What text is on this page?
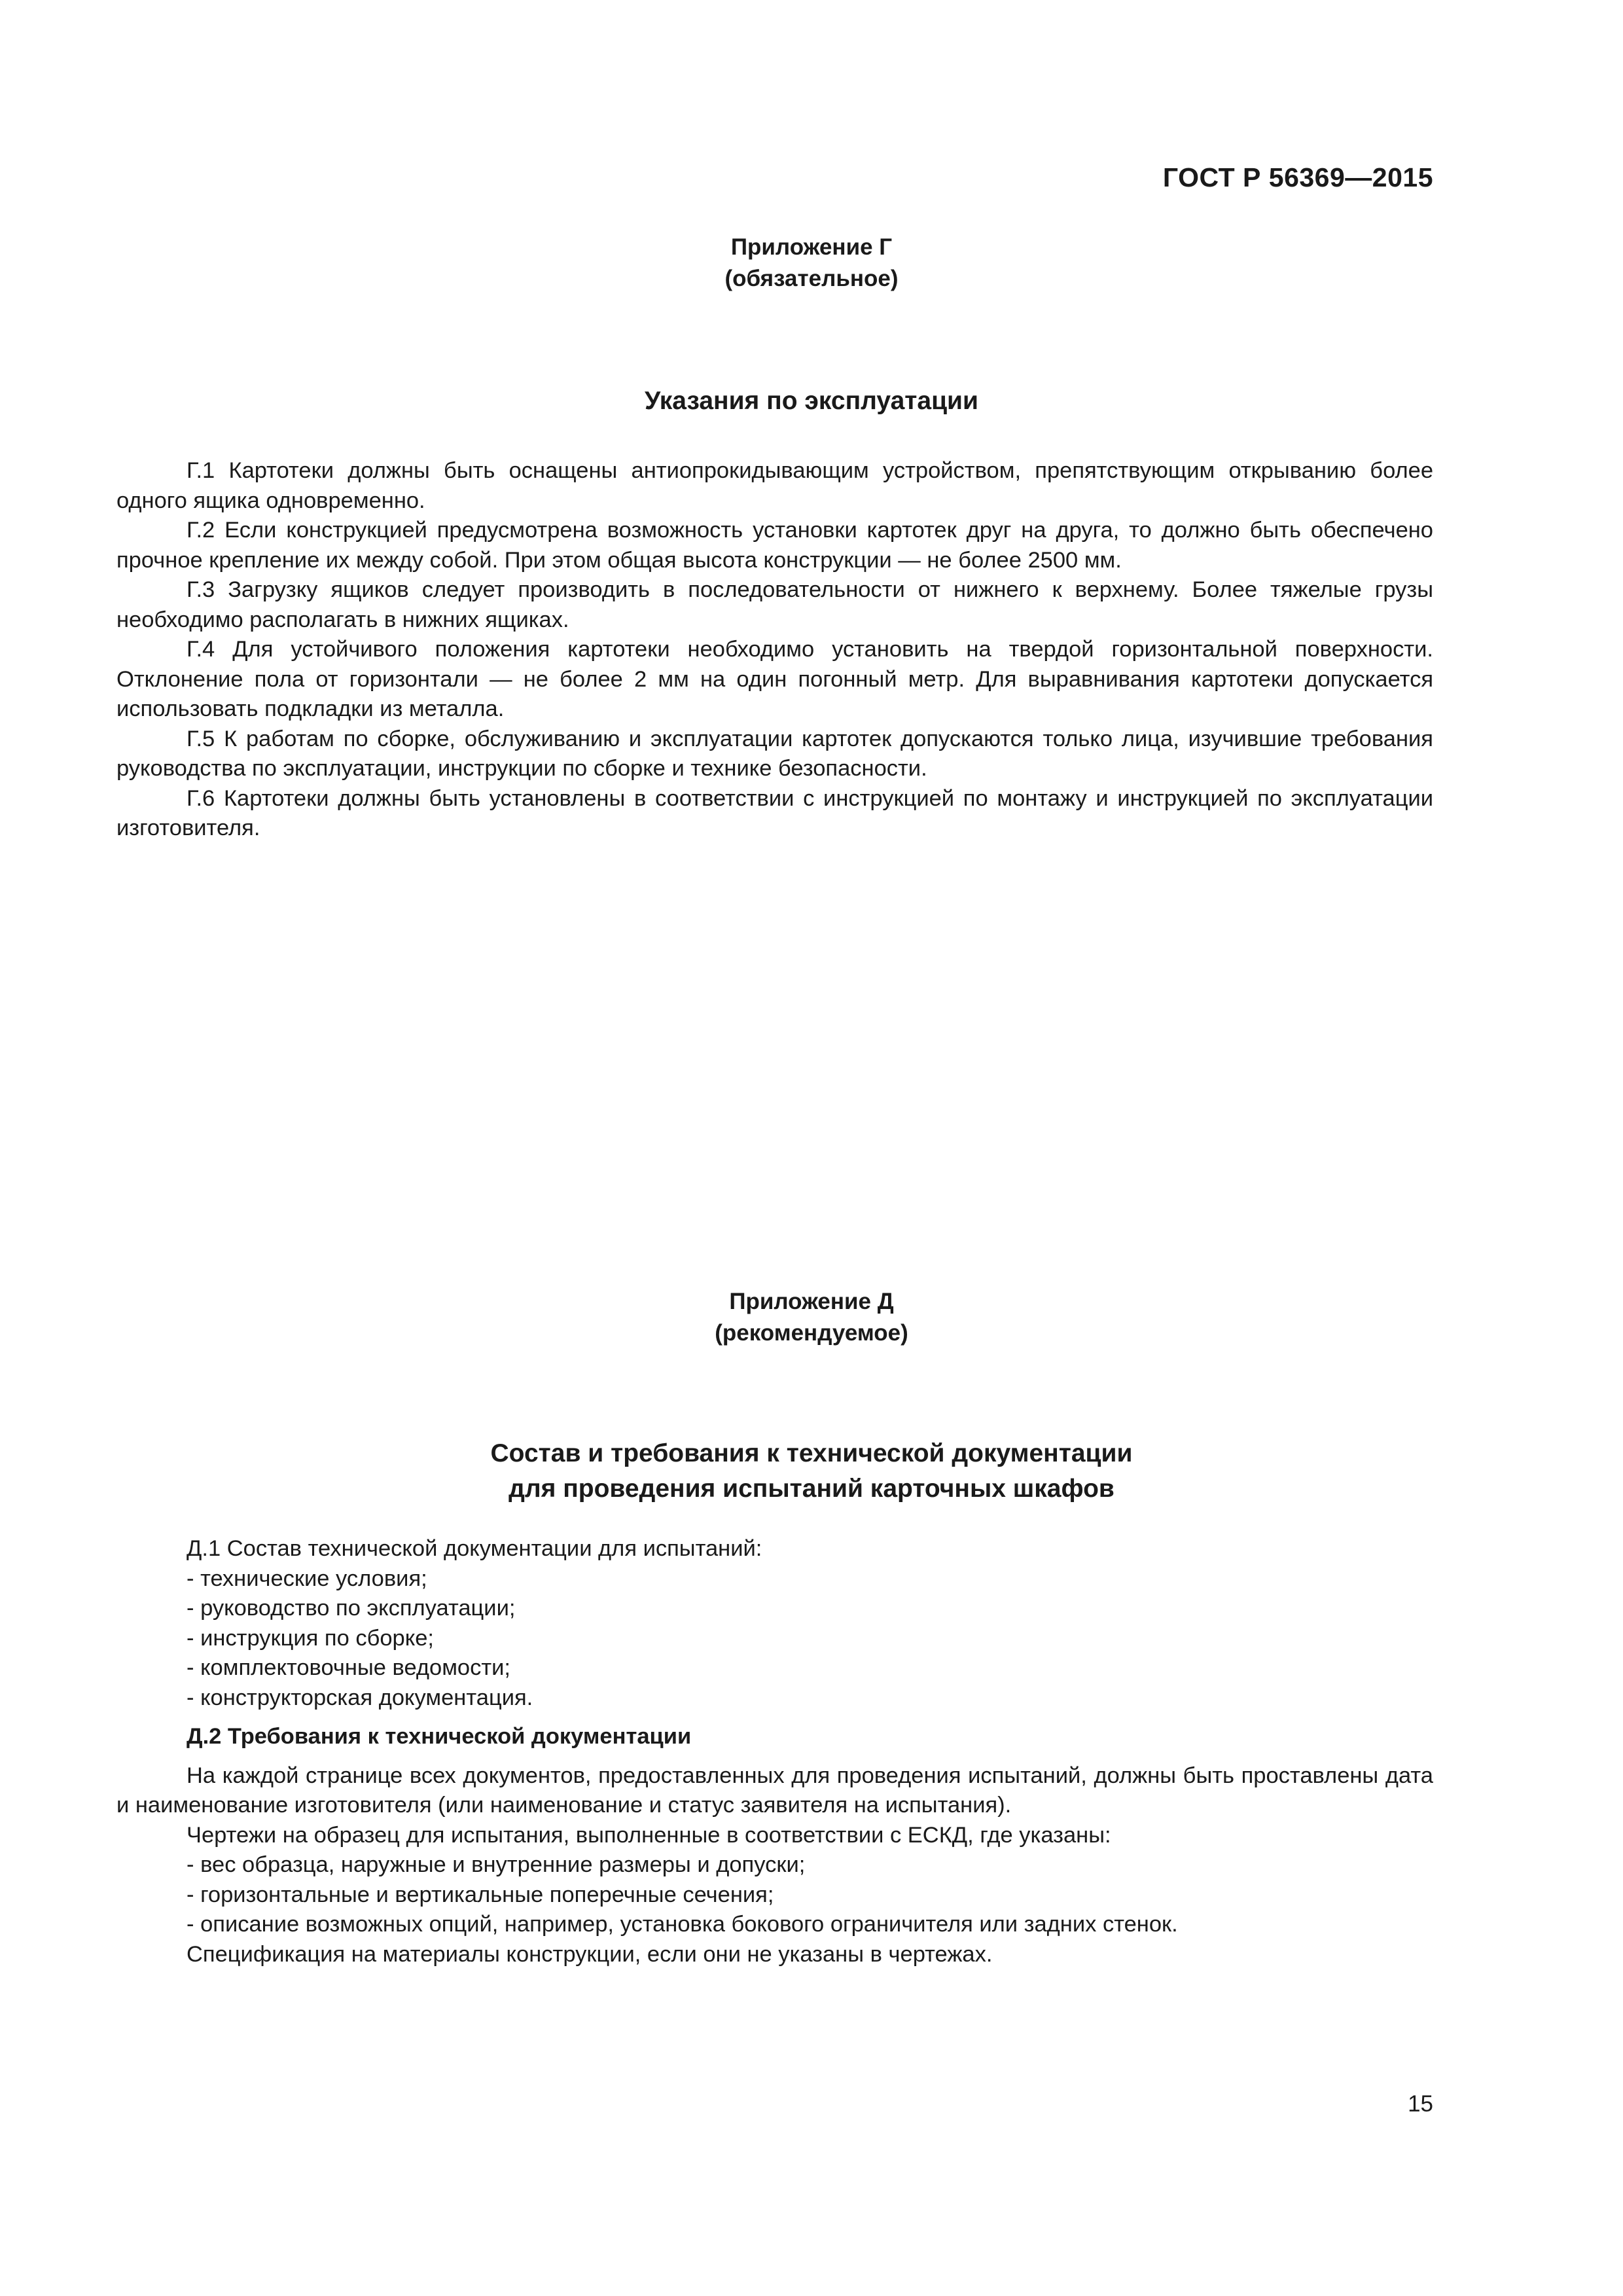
ГОСТ Р 56369—2015
Приложение Г
(обязательное)
Указания по эксплуатации

Г.1 Картотеки должны быть оснащены антиопрокидывающим устройством, препятствующим открыванию более одного ящика одновременно.

Г.2 Если конструкцией предусмотрена возможность установки картотек друг на друга, то должно быть обеспечено прочное крепление их между собой. При этом общая высота конструкции — не более 2500 мм.

Г.3 Загрузку ящиков следует производить в последовательности от нижнего к верхнему. Более тяжелые грузы необходимо располагать в нижних ящиках.

Г.4 Для устойчивого положения картотеки необходимо установить на твердой горизонтальной поверхности. Отклонение пола от горизонтали — не более 2 мм на один погонный метр. Для выравнивания картотеки допускается использовать подкладки из металла.

Г.5 К работам по сборке, обслуживанию и эксплуатации картотек допускаются только лица, изучившие требования руководства по эксплуатации, инструкции по сборке и технике безопасности.

Г.6 Картотеки должны быть установлены в соответствии с инструкцией по монтажу и инструкцией по эксплуатации изготовителя.

Приложение Д
(рекомендуемое)
Состав и требования к технической документации
для проведения испытаний карточных шкафов

Д.1 Состав технической документации для испытаний:

- технические условия;

- руководство по эксплуатации;

- инструкция по сборке;

- комплектовочные ведомости;

- конструкторская документация.

Д.2 Требования к технической документации

На каждой странице всех документов, предоставленных для проведения испытаний, должны быть проставлены дата и наименование изготовителя (или наименование и статус заявителя на испытания).

Чертежи на образец для испытания, выполненные в соответствии с ЕСКД, где указаны:

- вес образца, наружные и внутренние размеры и допуски;

- горизонтальные и вертикальные поперечные сечения;

- описание возможных опций, например, установка бокового ограничителя или задних стенок.

Спецификация на материалы конструкции, если они не указаны в чертежах.

15
